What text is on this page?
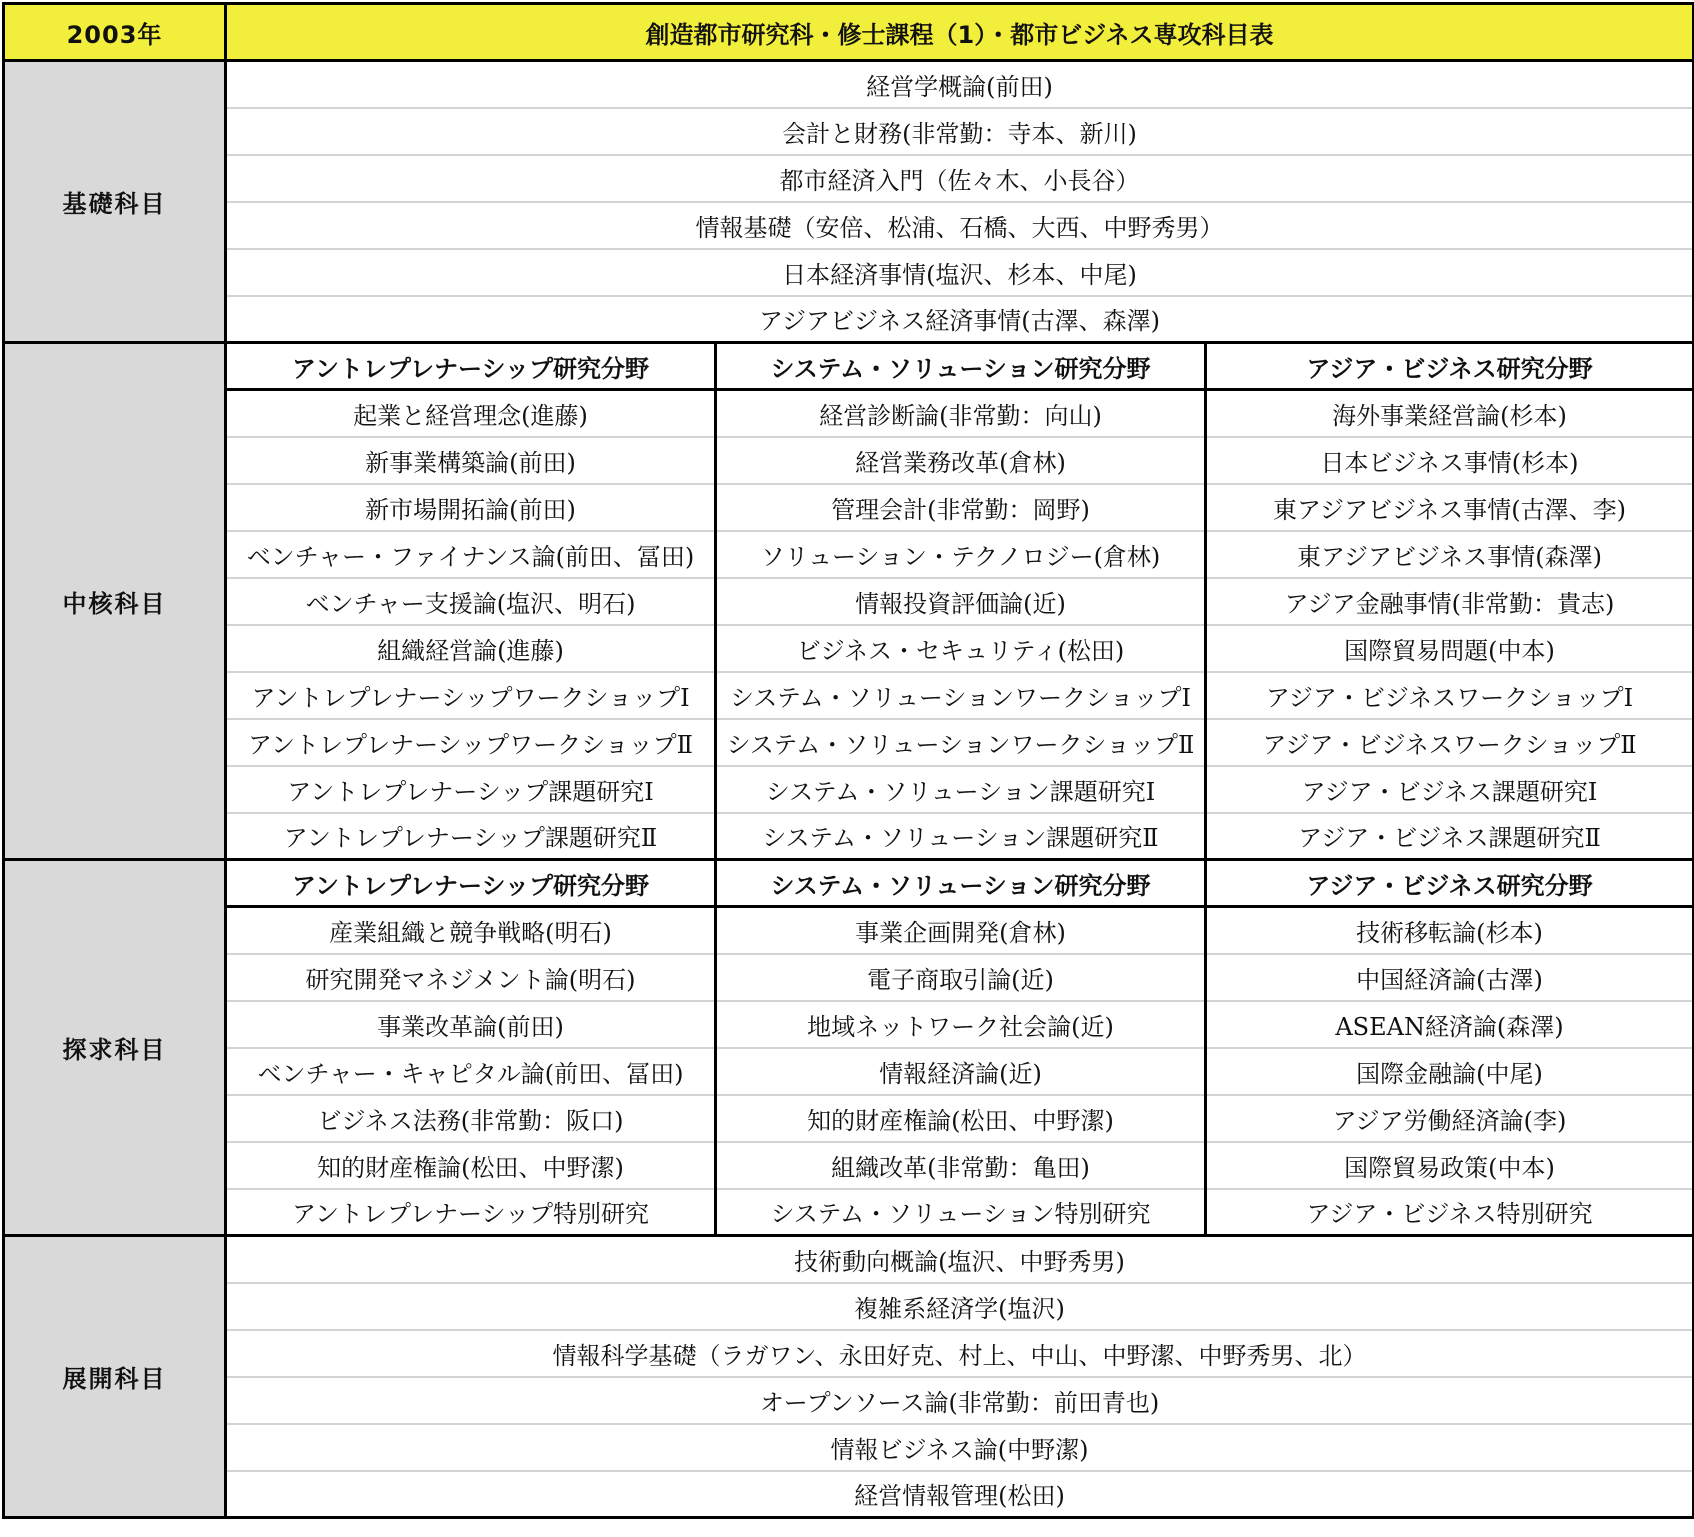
2003年	創造都市研究科・修士課程（1）・都市ビジネス専攻科目表		
基礎科目	経営学概論(前田)		
	会計と財務(非常勤：寺本、新川)		
	都市経済入門（佐々木、小長谷）		
	情報基礎（安倍、松浦、石橋、大西、中野秀男）		
	日本経済事情(塩沢、杉本、中尾)		
	アジアビジネス経済事情(古澤、森澤)		
中核科目	アントレプレナーシップ研究分野	システム・ソリューション研究分野	アジア・ビジネス研究分野
	起業と経営理念(進藤)	経営診断論(非常勤：向山)	海外事業経営論(杉本)
	新事業構築論(前田)	経営業務改革(倉林)	日本ビジネス事情(杉本)
	新市場開拓論(前田)	管理会計(非常勤：岡野)	東アジアビジネス事情(古澤、李)
	ベンチャー・ファイナンス論(前田、冨田)	ソリューション・テクノロジー(倉林)	東アジアビジネス事情(森澤)
	ベンチャー支援論(塩沢、明石)	情報投資評価論(近)	アジア金融事情(非常勤：貴志)
	組織経営論(進藤)	ビジネス・セキュリティ(松田)	国際貿易問題(中本)
	アントレプレナーシップワークショップⅠ	システム・ソリューションワークショップⅠ	アジア・ビジネスワークショップⅠ
	アントレプレナーシップワークショップⅡ	システム・ソリューションワークショップⅡ	アジア・ビジネスワークショップⅡ
	アントレプレナーシップ課題研究Ⅰ	システム・ソリューション課題研究Ⅰ	アジア・ビジネス課題研究Ⅰ
	アントレプレナーシップ課題研究Ⅱ	システム・ソリューション課題研究Ⅱ	アジア・ビジネス課題研究Ⅱ
探求科目	アントレプレナーシップ研究分野	システム・ソリューション研究分野	アジア・ビジネス研究分野
	産業組織と競争戦略(明石)	事業企画開発(倉林)	技術移転論(杉本)
	研究開発マネジメント論(明石)	電子商取引論(近)	中国経済論(古澤)
	事業改革論(前田)	地域ネットワーク社会論(近)	ASEAN経済論(森澤)
	ベンチャー・キャピタル論(前田、冨田)	情報経済論(近)	国際金融論(中尾)
	ビジネス法務(非常勤：阪口)	知的財産権論(松田、中野潔)	アジア労働経済論(李)
	知的財産権論(松田、中野潔)	組織改革(非常勤：亀田)	国際貿易政策(中本)
	アントレプレナーシップ特別研究	システム・ソリューション特別研究	アジア・ビジネス特別研究
展開科目	技術動向概論(塩沢、中野秀男)		
	複雑系経済学(塩沢)		
	情報科学基礎（ラガワン、永田好克、村上、中山、中野潔、中野秀男、北）		
	オープンソース論(非常勤：前田青也)		
	情報ビジネス論(中野潔)		
	経営情報管理(松田)		
